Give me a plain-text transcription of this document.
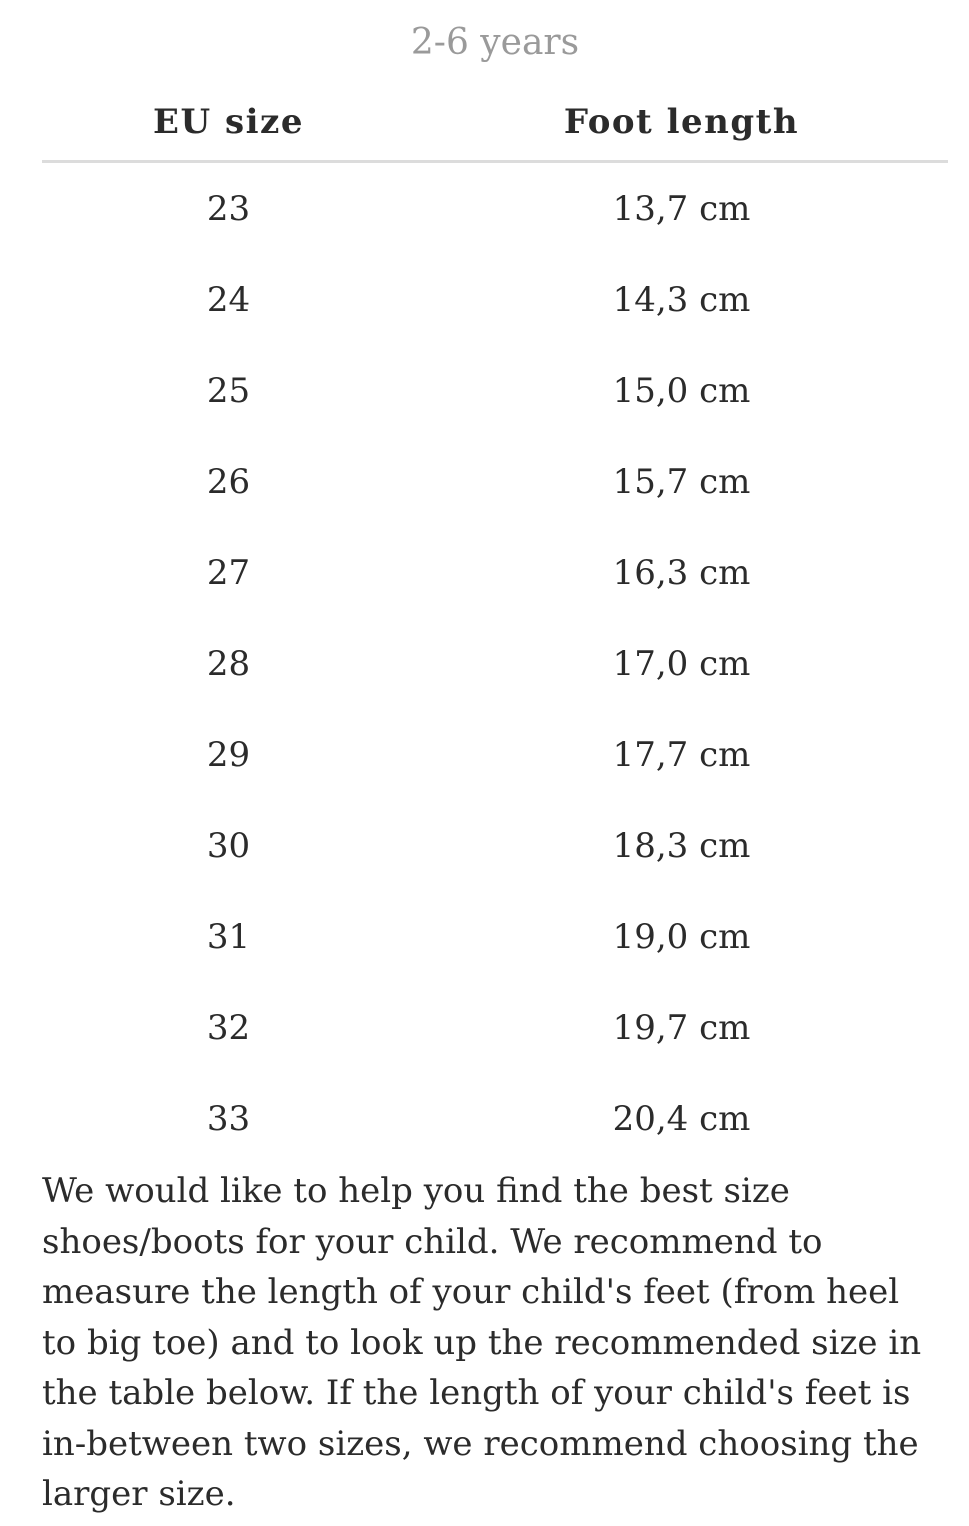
2-6 years
EU size	Foot length
23	13,7 cm
24	14,3 cm
25	15,0 cm
26	15,7 cm
27	16,3 cm
28	17,0 cm
29	17,7 cm
30	18,3 cm
31	19,0 cm
32	19,7 cm
33	20,4 cm

We would like to help you find the best size shoes/boots for your child. We recommend to measure the length of your child's feet (from heel to big toe) and to look up the recommended size in the table below. If the length of your child's feet is in-between two sizes, we recommend choosing the larger size.
